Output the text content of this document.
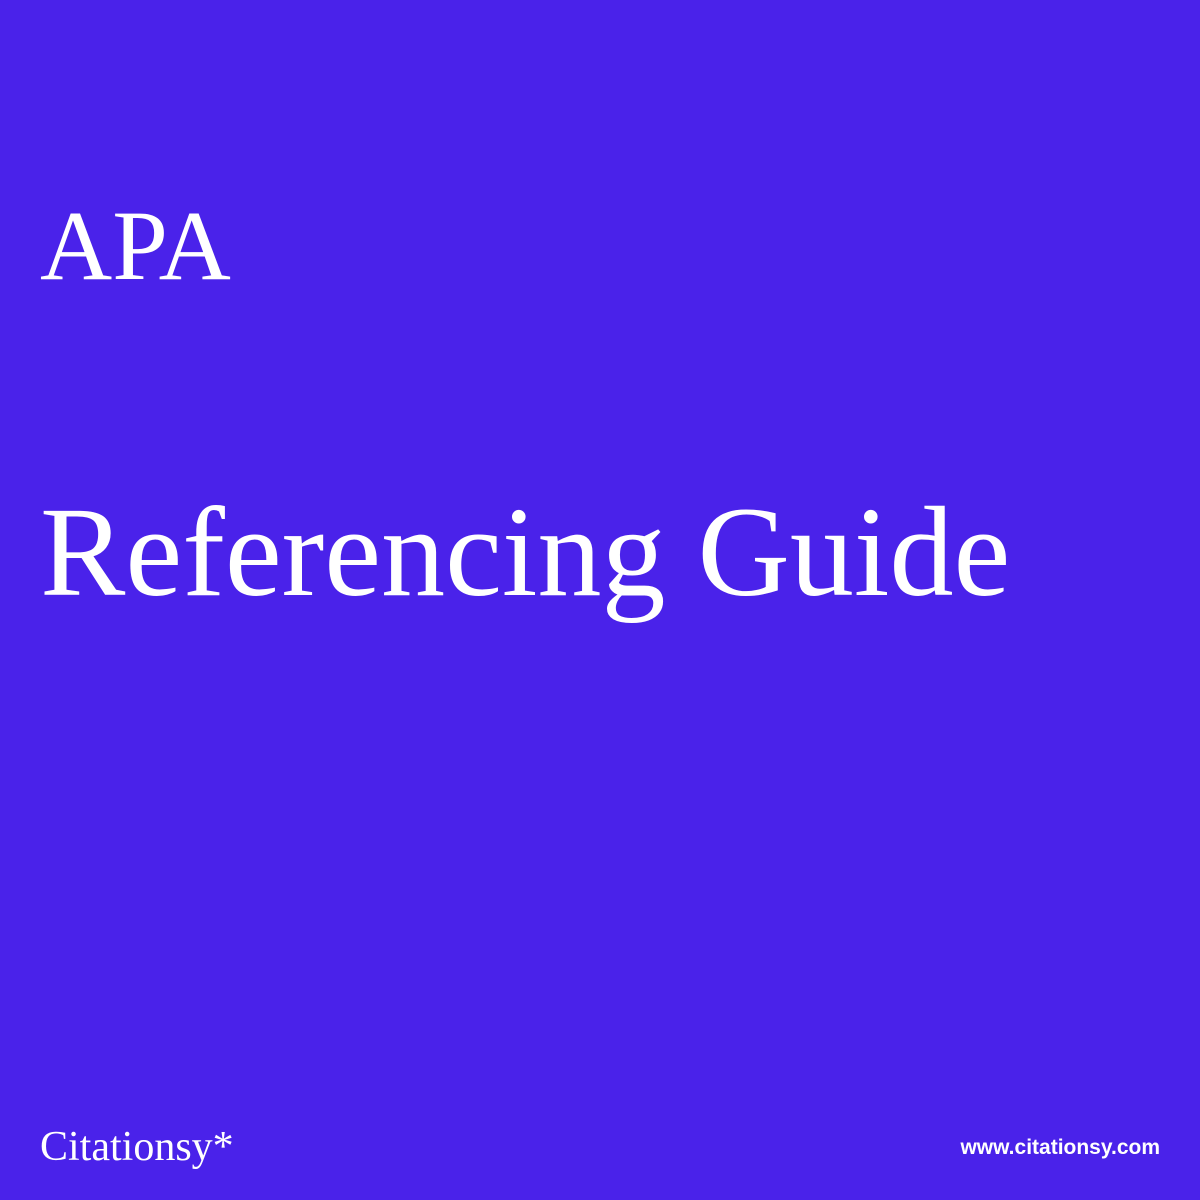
APA
Referencing Guide
Citationsy*	www.citationsy.com
